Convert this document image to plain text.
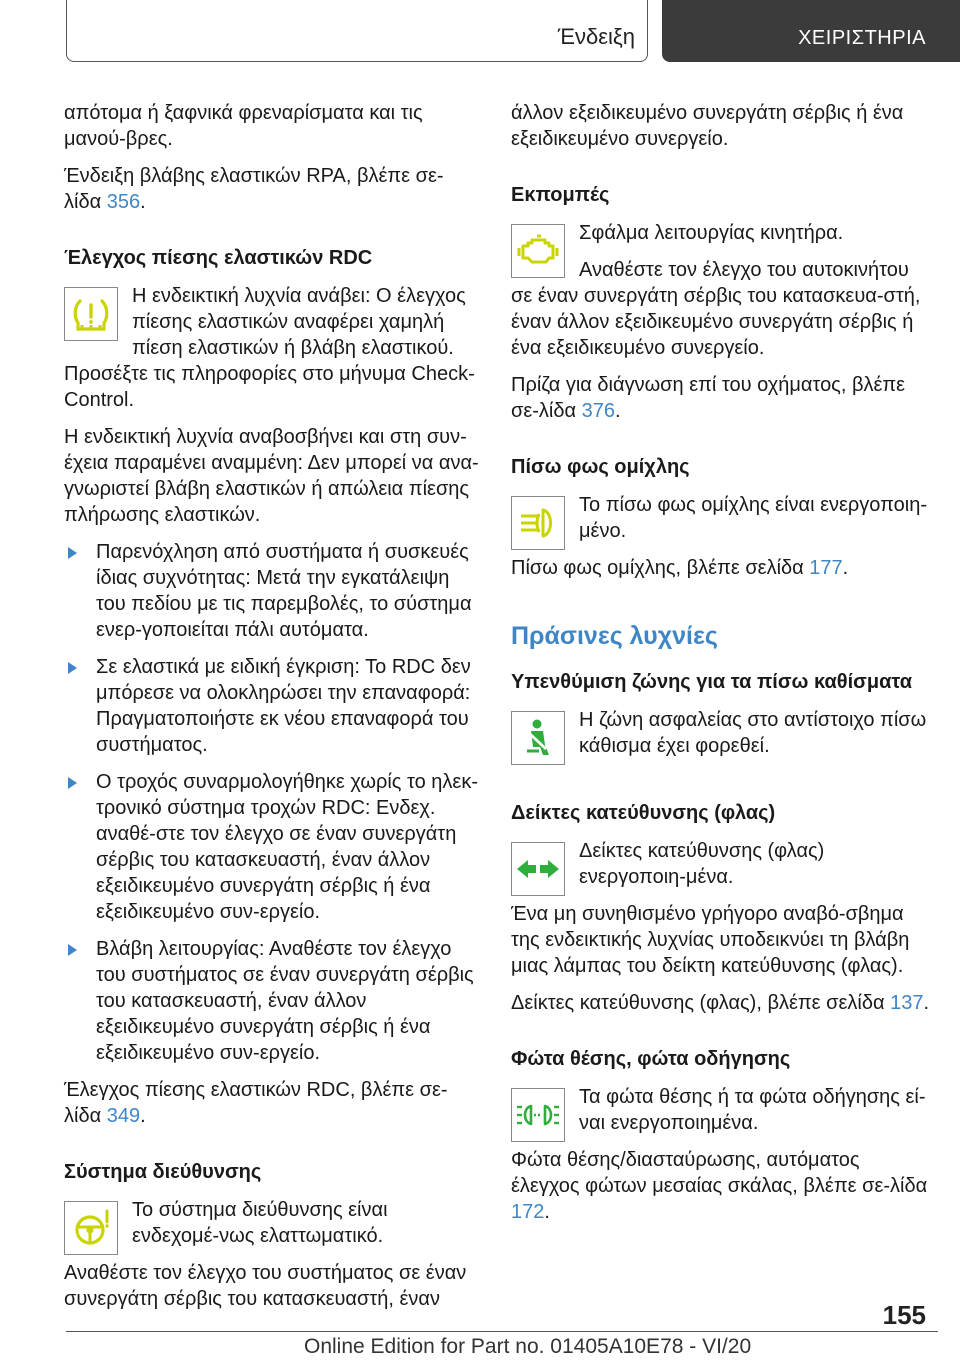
Ένδειξη	ΧΕΙΡΙΣΤΗΡΙΑ

απότομα ή ξαφνικά φρεναρίσματα και τις μανού-βρες.

Ένδειξη βλάβης ελαστικών RPA, βλέπε σε-λίδα 356.

Έλεγχος πίεσης ελαστικών RDC

Η ενδεικτική λυχνία ανάβει: Ο έλεγχος πίεσης ελαστικών αναφέρει χαμηλή πίεση ελαστικών ή βλάβη ελαστικού. Προσέξτε τις πληροφορίες στο μήνυμα Check-Control.

Η ενδεικτική λυχνία αναβοσβήνει και στη συν-έχεια παραμένει αναμμένη: Δεν μπορεί να ανα-γνωριστεί βλάβη ελαστικών ή απώλεια πίεσης πλήρωσης ελαστικών.

Παρενόχληση από συστήματα ή συσκευές ίδιας συχνότητας: Μετά την εγκατάλειψη του πεδίου με τις παρεμβολές, το σύστημα ενερ-γοποιείται πάλι αυτόματα.
Σε ελαστικά με ειδική έγκριση: Το RDC δεν μπόρεσε να ολοκληρώσει την επαναφορά: Πραγματοποιήστε εκ νέου επαναφορά του συστήματος.
Ο τροχός συναρμολογήθηκε χωρίς το ηλεκ-τρονικό σύστημα τροχών RDC: Ενδεχ. αναθέ-στε τον έλεγχο σε έναν συνεργάτη σέρβις του κατασκευαστή, έναν άλλον εξειδικευμένο συνεργάτη σέρβις ή ένα εξειδικευμένο συν-εργείο.
Βλάβη λειτουργίας: Αναθέστε τον έλεγχο του συστήματος σε έναν συνεργάτη σέρβις του κατασκευαστή, έναν άλλον εξειδικευμένο συνεργάτη σέρβις ή ένα εξειδικευμένο συν-εργείο.

Έλεγχος πίεσης ελαστικών RDC, βλέπε σε-λίδα 349.

Σύστημα διεύθυνσης

Το σύστημα διεύθυνσης είναι ενδεχομέ-νως ελαττωματικό.

Αναθέστε τον έλεγχο του συστήματος σε έναν συνεργάτη σέρβις του κατασκευαστή, έναν

άλλον εξειδικευμένο συνεργάτη σέρβις ή ένα εξειδικευμένο συνεργείο.

Εκπομπές

Σφάλμα λειτουργίας κινητήρα.

Αναθέστε τον έλεγχο του αυτοκινήτου σε έναν συνεργάτη σέρβις του κατασκευα-στή, έναν άλλον εξειδικευμένο συνεργάτη σέρβις ή ένα εξειδικευμένο συνεργείο.

Πρίζα για διάγνωση επί του οχήματος, βλέπε σε-λίδα 376.

Πίσω φως ομίχλης

Το πίσω φως ομίχλης είναι ενεργοποιη-μένο.

Πίσω φως ομίχλης, βλέπε σελίδα 177.

Πράσινες λυχνίες
Υπενθύμιση ζώνης για τα πίσω καθίσματα

Η ζώνη ασφαλείας στο αντίστοιχο πίσω κάθισμα έχει φορεθεί.

Δείκτες κατεύθυνσης (φλας)

Δείκτες κατεύθυνσης (φλας) ενεργοποιη-μένα.

Ένα μη συνηθισμένο γρήγορο αναβό-σβημα της ενδεικτικής λυχνίας υποδεικνύει τη βλάβη μιας λάμπας του δείκτη κατεύθυνσης (φλας).

Δείκτες κατεύθυνσης (φλας), βλέπε σελίδα 137.

Φώτα θέσης, φώτα οδήγησης

Τα φώτα θέσης ή τα φώτα οδήγησης εί-ναι ενεργοποιημένα.

Φώτα θέσης/διασταύρωσης, αυτόματος έλεγχος φώτων μεσαίας σκάλας, βλέπε σε-λίδα 172.

155
Online Edition for Part no. 01405A10E78 - VI/20
